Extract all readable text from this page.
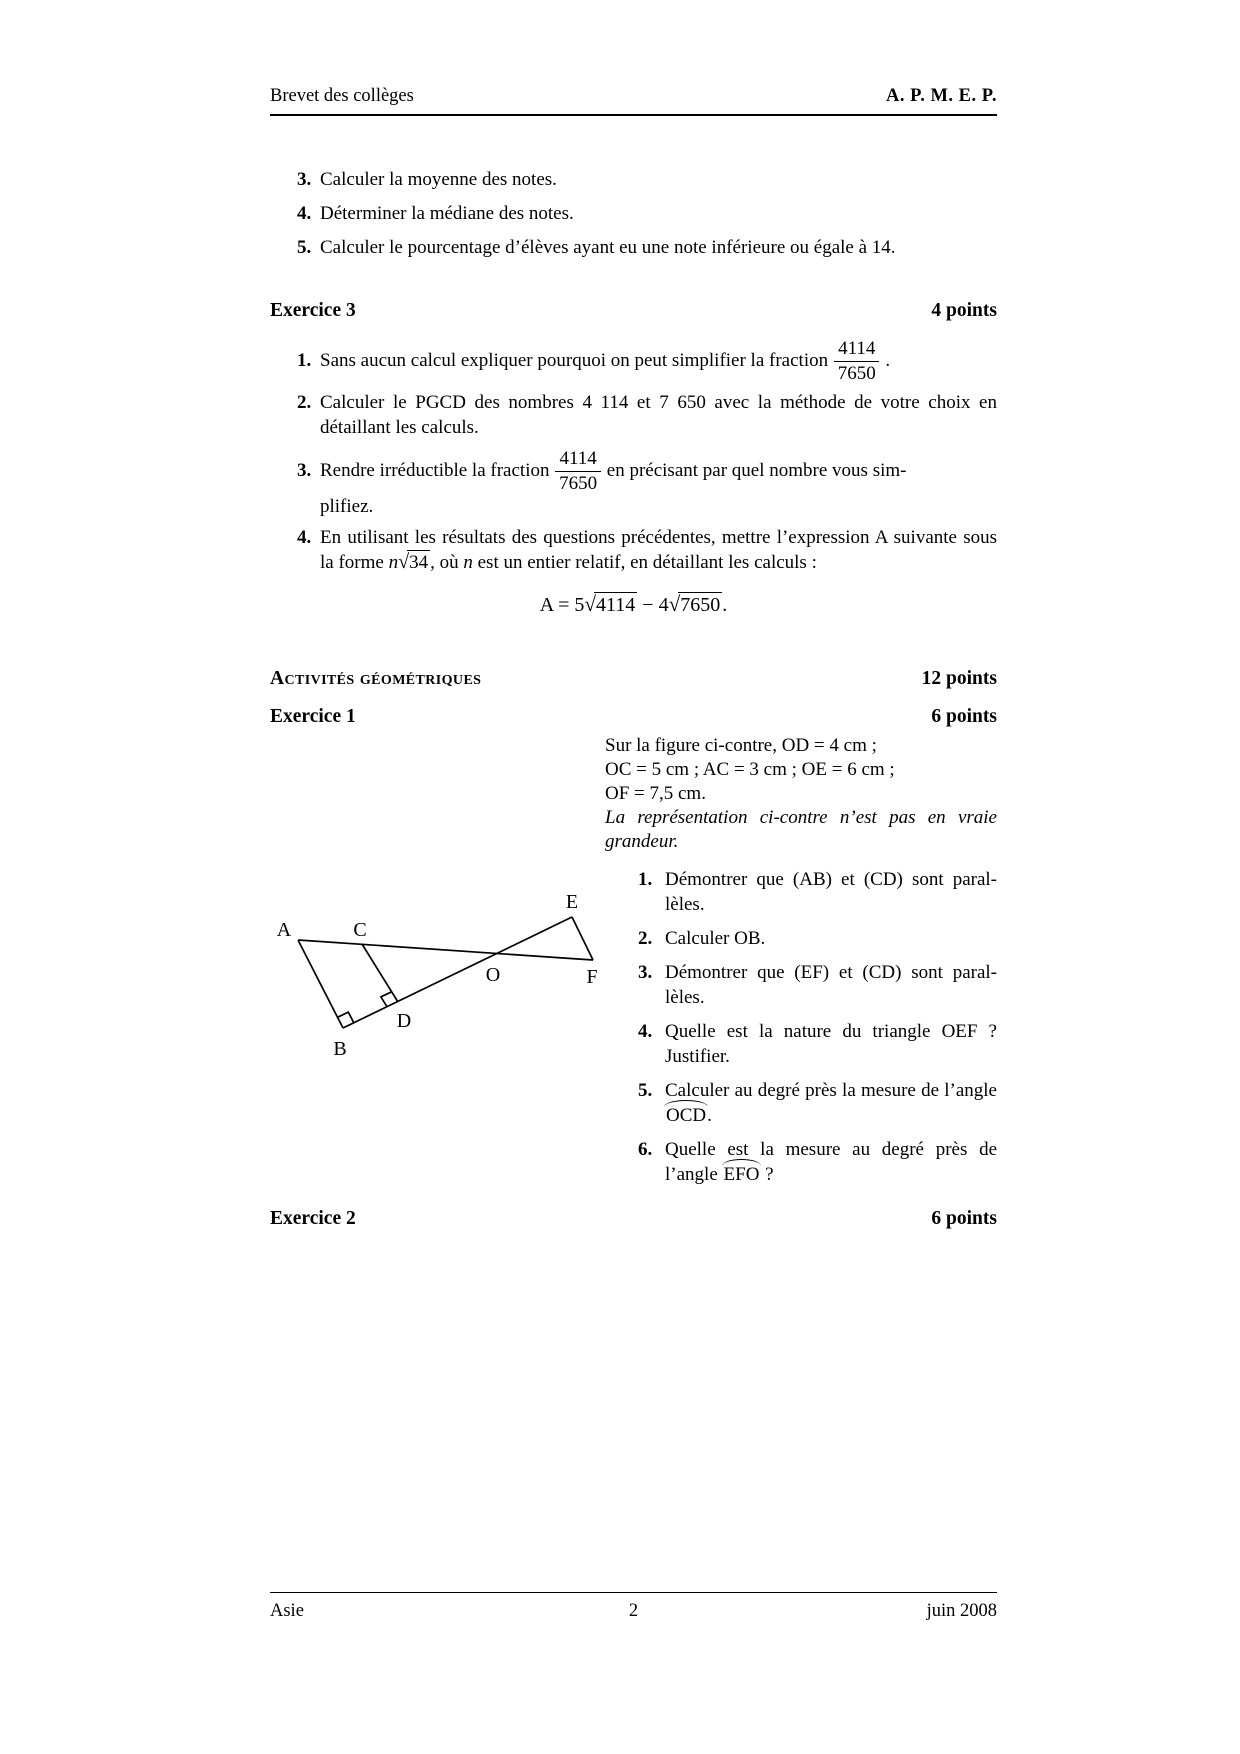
Brevet des collèges	A. P. M. E. P.
3. Calculer la moyenne des notes.
4. Déterminer la médiane des notes.
5. Calculer le pourcentage d’élèves ayant eu une note inférieure ou égale à 14.
Exercice 3	4 points
1. Sans aucun calcul expliquer pourquoi on peut simplifier la fraction $\frac{4114}{7650}$ .
2. Calculer le PGCD des nombres 4 114 et 7 650 avec la méthode de votre choix en détaillant les calculs.
3. Rendre irréductible la fraction $\frac{4114}{7650}$ en précisant par quel nombre vous sim-
plifiez.
4. En utilisant les résultats des questions précédentes, mettre l’expression A suivante sous la forme n√34 , où n est un entier relatif, en détaillant les calculs :
A = 5√4114 − 4√7650 .
Activités géométriques	12 points
Exercice 1	6 points
A	C
E
O	F
B
D
Sur la figure ci-contre, OD = 4 cm ;
OC = 5 cm ; AC = 3 cm ; OE = 6 cm ;
OF = 7,5 cm.
La représentation ci-contre n’est pas en vraie grandeur.
1. Démontrer que (AB) et (CD) sont parallèles.
2. Calculer OB.
3. Démontrer que (EF) et (CD) sont parallèles.
4. Quelle est la nature du triangle OEF ? Justifier.
5. Calculer au degré près la mesure de l’angle OCD.
6. Quelle est la mesure au degré près de l’angle EFO ?
Exercice 2	6 points
Asie	2	juin 2008
